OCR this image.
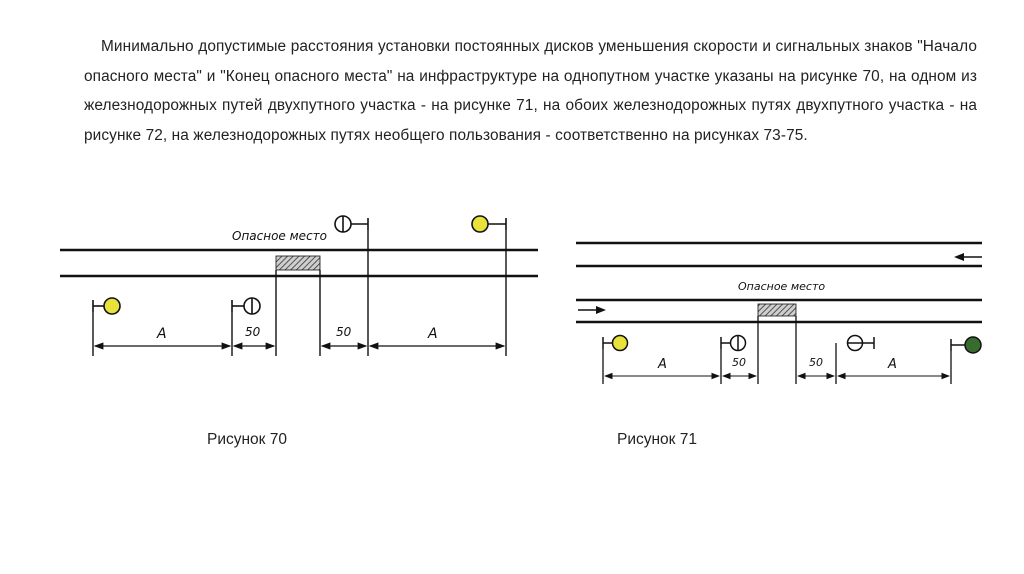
Минимально допустимые расстояния установки постоянных дисков уменьшения скорости и сигнальных знаков "Начало опасного места" и "Конец опасного места" на инфраструктуре на однопутном участке указаны на рисунке 70, на одном из железнодорожных путей двухпутного участка - на рисунке 71, на обоих железнодорожных путях двухпутного участка - на рисунке 72, на железнодорожных путях необщего пользования - соответственно на рисунках 73-75.

Опасное место
А	50	50	А
Опасное место
А	50	50	А
Рисунок 70	Рисунок 71
